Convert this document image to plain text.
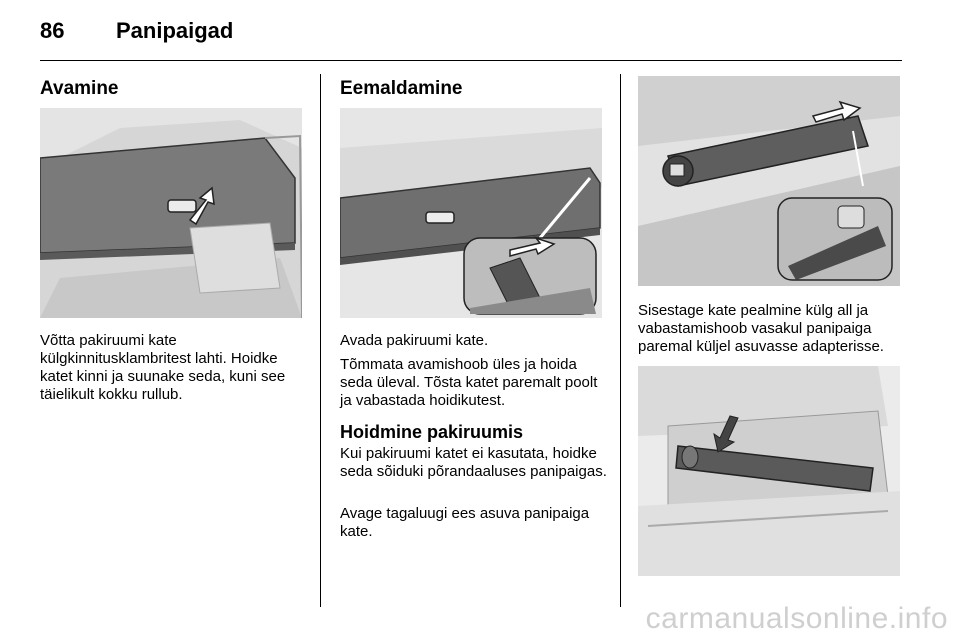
86 Panipaigad
Avamine

Võtta pakiruumi kate külgkinnitusklambritest lahti. Hoidke katet kinni ja suunake seda, kuni see täielikult kokku rullub.

Eemaldamine

Avada pakiruumi kate.

Tõmmata avamishoob üles ja hoida seda üleval. Tõsta katet paremalt poolt ja vabastada hoidikutest.

Hoidmine pakiruumis

Kui pakiruumi katet ei kasutata, hoidke seda sõiduki põrandaaluses panipaigas.

Avage tagaluugi ees asuva panipaiga kate.

Sisestage kate pealmine külg all ja vabastamishoob vasakul panipaiga paremal küljel asuvasse adapterisse.

carmanualsonline.info
